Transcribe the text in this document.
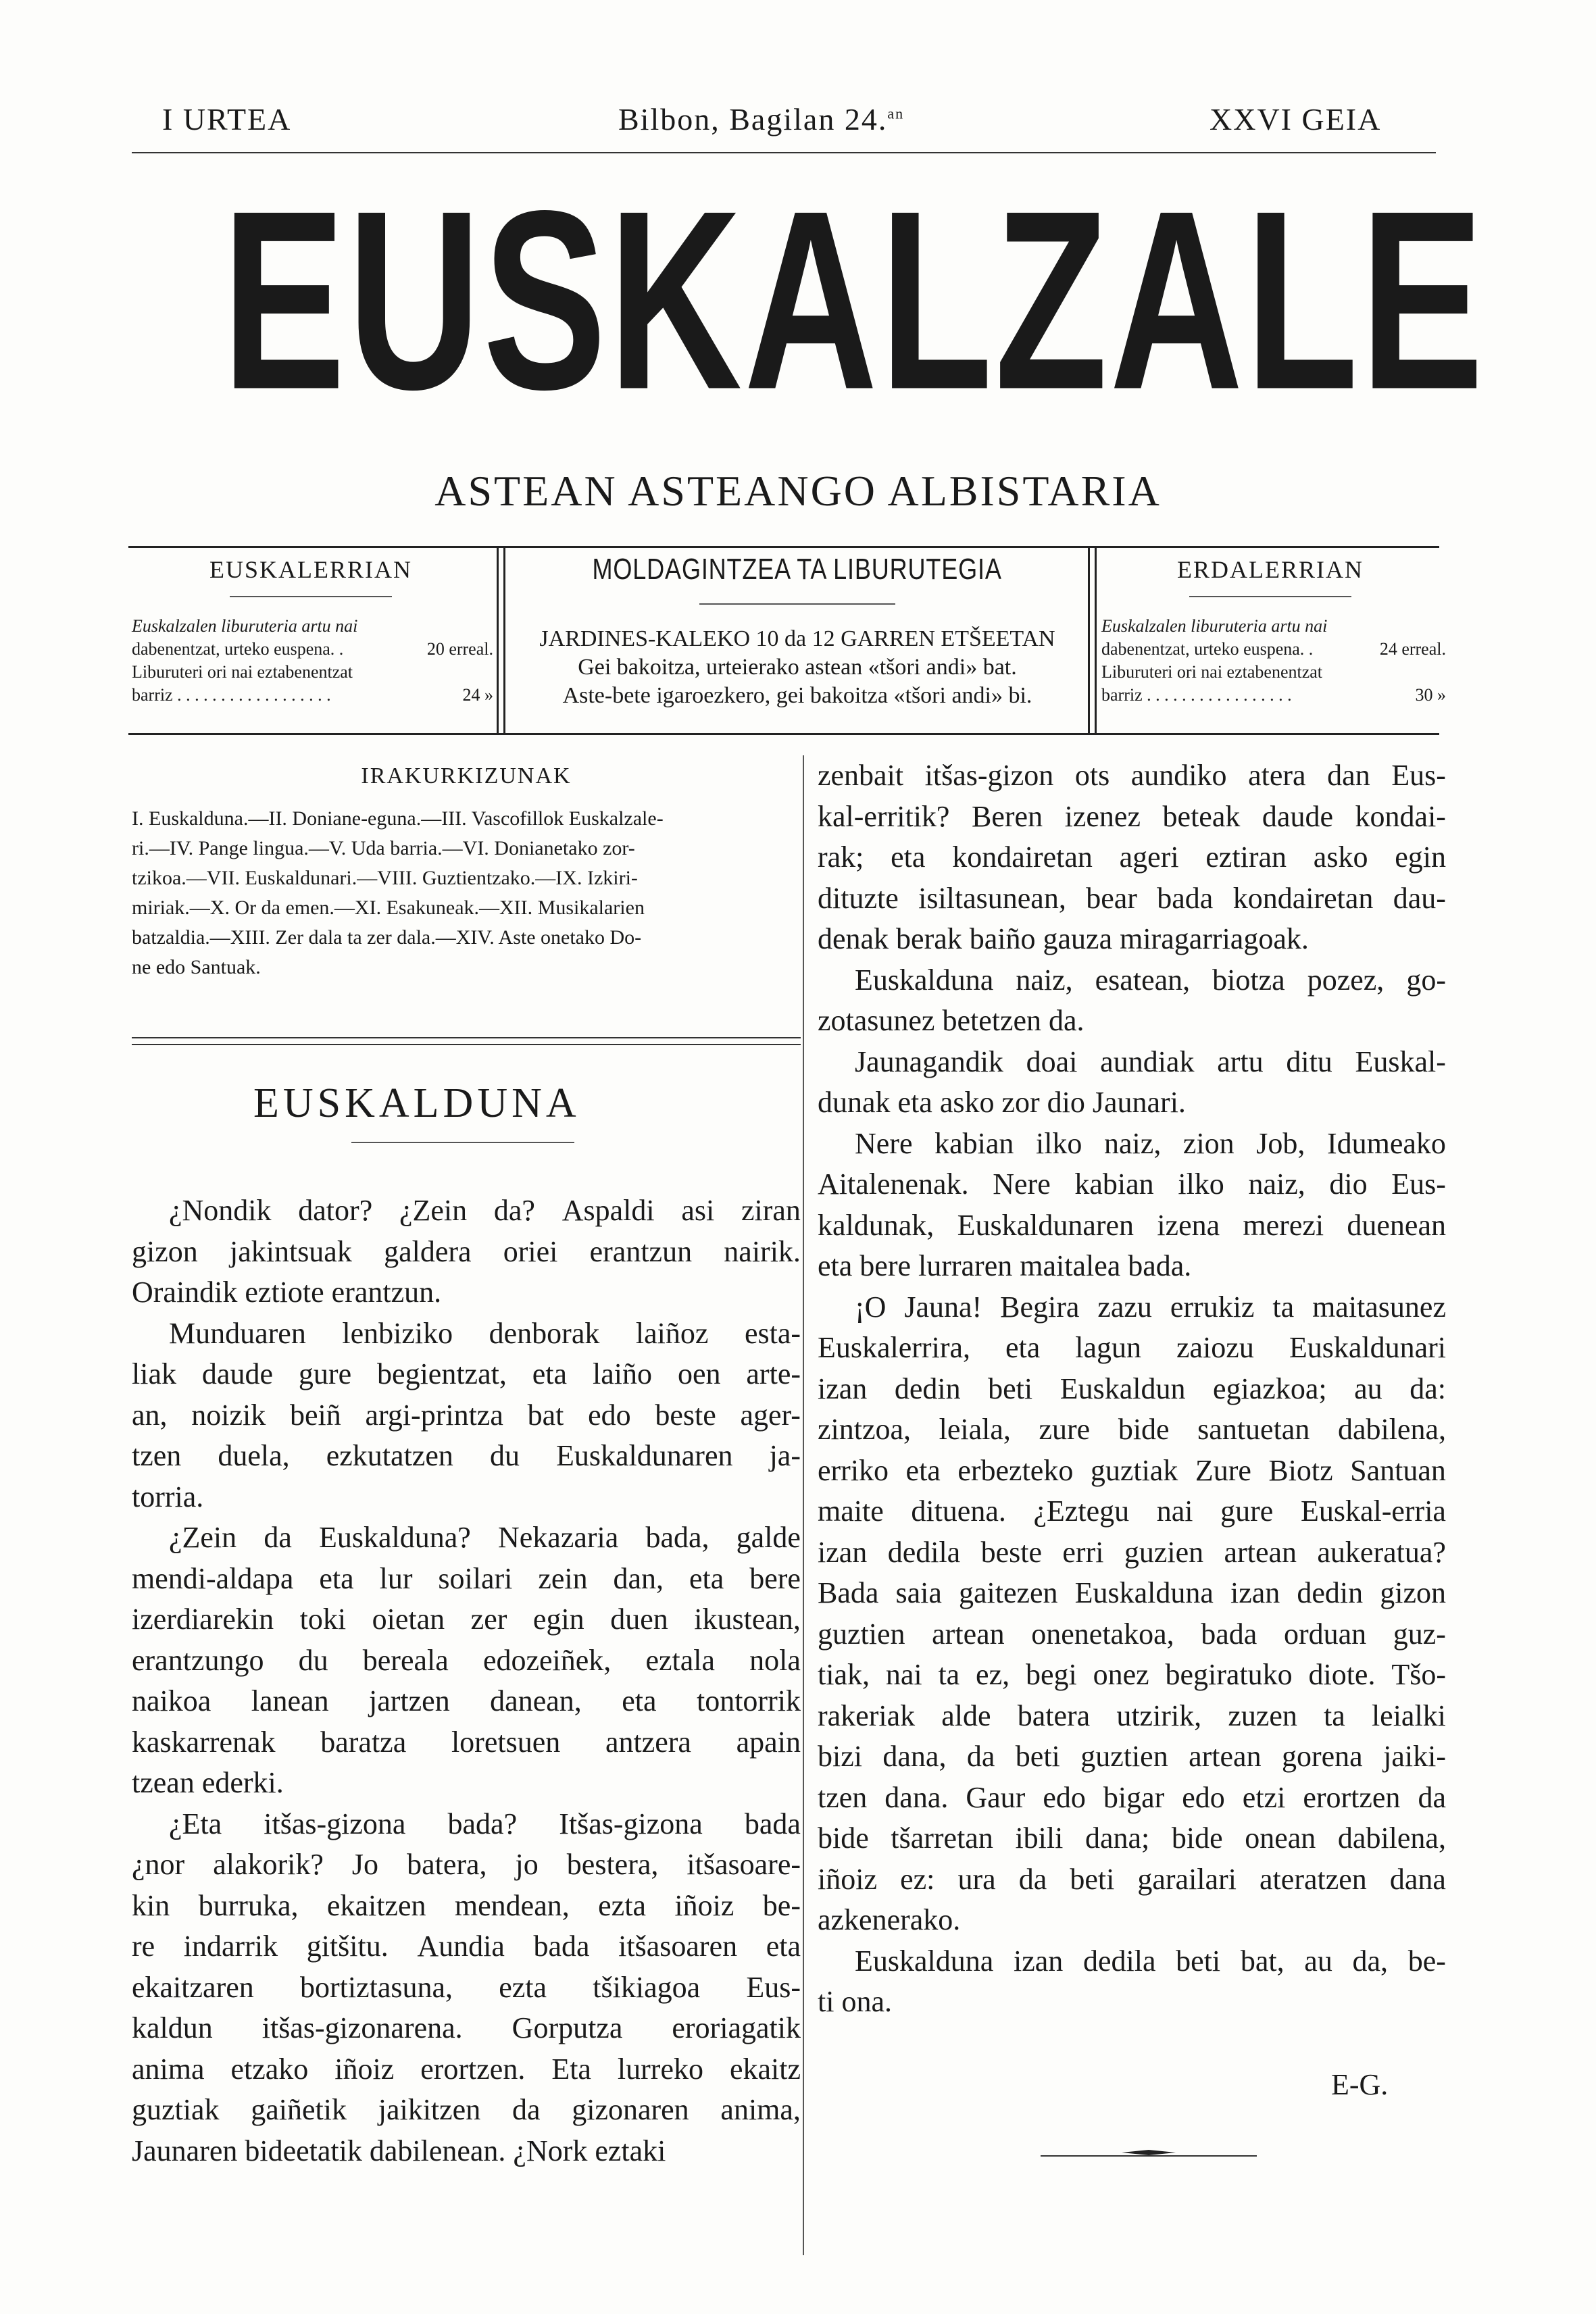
I URTEA	Bilbon, Bagilan 24.$^{an}$	XXVI GEIA
EUSKALZALE
ASTEAN ASTEANGO ALBISTARIA
EUSKALERRIAN
Euskalzalen liburuteria artu nai
dabenentzat, urteko euspena. .	20 erreal.
Liburuteri ori nai eztabenentzat
barriz . . . . . . . . . . . . . . . . . .	24 »
MOLDAGINTZEA TA LIBURUTEGIA
JARDINES-KALEKO 10 da 12 GARREN ETŠEETAN
Gei bakoitza, urteierako astean «tšori andi» bat.
Aste-bete igaroezkero, gei bakoitza «tšori andi» bi.
ERDALERRIAN
Euskalzalen liburuteria artu nai
dabenentzat, urteko euspena. .	24 erreal.
Liburuteri ori nai eztabenentzat
barriz . . . . . . . . . . . . . . . . .	30 »
IRAKURKIZUNAK
I. Euskalduna.—II. Doniane-eguna.—III. Vascofillok Euskalzale-
ri.—IV. Pange lingua.—V. Uda barria.—VI. Donianetako zor-
tzikoa.—VII. Euskaldunari.—VIII. Guztientzako.—IX. Izkiri-
miriak.—X. Or da emen.—XI. Esakuneak.—XII. Musikalarien
batzaldia.—XIII. Zer dala ta zer dala.—XIV. Aste onetako Do-
ne edo Santuak.
EUSKALDUNA
¿Nondik dator? ¿Zein da? Aspaldi asi ziran
gizon jakintsuak galdera oriei erantzun nairik.
Oraindik eztiote erantzun.
Munduaren lenbiziko denborak laiñoz esta-
liak daude gure begientzat, eta laiño oen arte-
an, noizik beiñ argi-printza bat edo beste ager-
tzen duela, ezkutatzen du Euskaldunaren ja-
torria.
¿Zein da Euskalduna? Nekazaria bada, galde
mendi-aldapa eta lur soilari zein dan, eta bere
izerdiarekin toki oietan zer egin duen ikustean,
erantzungo du bereala edozeiñek, eztala nola
naikoa lanean jartzen danean, eta tontorrik
kaskarrenak baratza loretsuen antzera apain
tzean ederki.
¿Eta itšas-gizona bada? Itšas-gizona bada
¿nor alakorik? Jo batera, jo bestera, itšasoare-
kin burruka, ekaitzen mendean, ezta iñoiz be-
re indarrik gitšitu. Aundia bada itšasoaren eta
ekaitzaren bortiztasuna, ezta tšikiagoa Eus-
kaldun itšas-gizonarena. Gorputza eroriagatik
anima etzako iñoiz erortzen. Eta lurreko ekaitz
guztiak gaiñetik jaikitzen da gizonaren anima,
Jaunaren bideetatik dabilenean. ¿Nork eztaki
zenbait itšas-gizon ots aundiko atera dan Eus-
kal-erritik? Beren izenez beteak daude kondai-
rak; eta kondairetan ageri eztiran asko egin
dituzte isiltasunean, bear bada kondairetan dau-
denak berak baiño gauza miragarriagoak.
Euskalduna naiz, esatean, biotza pozez, go-
zotasunez betetzen da.
Jaunagandik doai aundiak artu ditu Euskal-
dunak eta asko zor dio Jaunari.
Nere kabian ilko naiz, zion Job, Idumeako
Aitalenenak. Nere kabian ilko naiz, dio Eus-
kaldunak, Euskaldunaren izena merezi duenean
eta bere lurraren maitalea bada.
¡O Jauna! Begira zazu errukiz ta maitasunez
Euskalerrira, eta lagun zaiozu Euskaldunari
izan dedin beti Euskaldun egiazkoa; au da:
zintzoa, leiala, zure bide santuetan dabilena,
erriko eta erbezteko guztiak Zure Biotz Santuan
maite dituena. ¿Eztegu nai gure Euskal-erria
izan dedila beste erri guzien artean aukeratua?
Bada saia gaitezen Euskalduna izan dedin gizon
guztien artean onenetakoa, bada orduan guz-
tiak, nai ta ez, begi onez begiratuko diote. Tšo-
rakeriak alde batera utzirik, zuzen ta leialki
bizi dana, da beti guztien artean gorena jaiki-
tzen dana. Gaur edo bigar edo etzi erortzen da
bide tšarretan ibili dana; bide onean dabilena,
iñoiz ez: ura da beti garailari ateratzen dana
azkenerako.
Euskalduna izan dedila beti bat, au da, be-
ti ona.
E-G.
